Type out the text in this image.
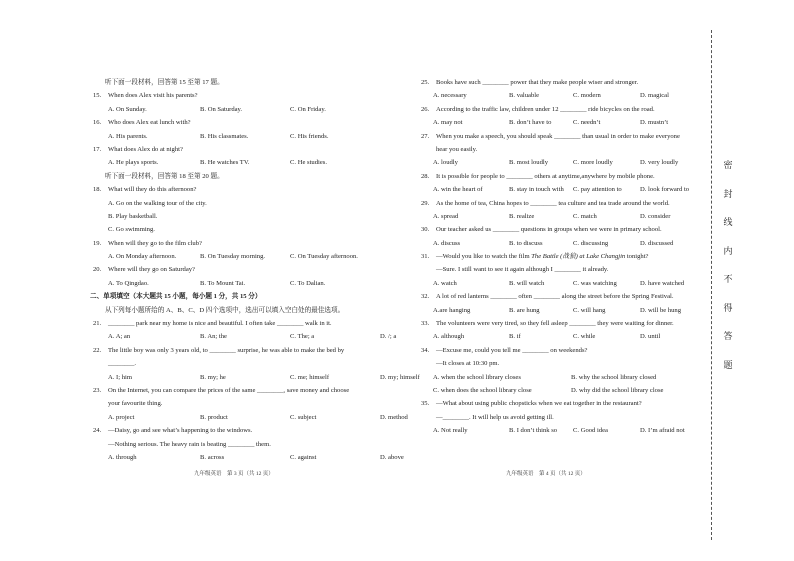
听下面一段材料，回答第 15 至第 17 题。
15. When does Alex visit his parents?
A. On Sunday.	B. On Saturday.	C. On Friday.
16. Who does Alex eat lunch with?
A. His parents.	B. His classmates.	C. His friends.
17. What does Alex do at night?
A. He plays sports.	B. He watches TV.	C. He studies.
听下面一段材料，回答第 18 至第 20 题。
18. What will they do this afternoon?
A. Go on the walking tour of the city.
B. Play basketball.
C. Go swimming.
19. When will they go to the film club?
A. On Monday afternoon.	B. On Tuesday morning.	C. On Tuesday afternoon.
20. Where will they go on Saturday?
A. To Qingdao.	B. To Mount Tai.	C. To Dalian.
二、单项填空（本大题共 15 小题，每小题 1 分，共 15 分）
从下列每小题所给的 A、B、C、D 四个选项中，选出可以填入空白处的最佳选项。
21. ________ park near my home is nice and beautiful. I often take ________ walk in it.
A. A; an	B. An; the	C. The; a	D. /; a
22. The little boy was only 3 years old, to ________ surprise, he was able to make the bed by
________.
A. I; him	B. my; he	C. me; himself	D. my; himself
23. On the Internet, you can compare the prices of the same ________, save money and choose
your favourite thing.
A. project	B. product	C. subject	D. method
24. —Daisy, go and see what’s happening to the windows.
—Nothing serious. The heavy rain is beating ________ them.
A. through	B. across	C. against	D. above
25. Books have such ________ power that they make people wiser and stronger.
A. necessary	B. valuable	C. modern	D. magical
26. According to the traffic law, children under 12 ________ ride bicycles on the road.
A. may not	B. don’t have to	C. needn’t	D. mustn’t
27. When you make a speech, you should speak ________ than usual in order to make everyone
hear you easily.
A. loudly	B. most loudly	C. more loudly	D. very loudly
28. It is possible for people to ________ others at anytime,anywhere by mobile phone.
A. win the heart of	B. stay in touch with C. pay attention to	D. look forward to
29. As the home of tea, China hopes to ________ tea culture and tea trade around the world.
A. spread	B. realize	C. match	D. consider
30. Our teacher asked us ________ questions in groups when we were in primary school.
A. discuss	B. to discuss	C. discussing	D. discussed
31. —Would you like to watch the film The Battle (战狼) at Lake Changjin tonight?
—Sure. I still want to see it again although I ________ it already.
A. watch	B. will watch	C. was watching	D. have watched
32. A lot of red lanterns ________ often ________ along the street before the Spring Festival.
A.are hanging	B. are hung	C. will hang	D. will be hung
33. The volunteers were very tired, so they fell asleep ________ they were waiting for dinner.
A. although	B. if	C. while	D. until
34. —Excuse me, could you tell me ________ on weekends?
—It closes at 10:30 pm.
A. when the school library closes	B. why the school library closed
C. when does the school library close	D. why did the school library close
35. —What about using public chopsticks when we eat together in the restaurant?
—________. It will help us avoid getting ill.
A. Not really	B. I don’t think so C. Good idea	D. I’m afraid not
九年级英语　第 3 页（共 12 页）	九年级英语　第 4 页（共 12 页）
密
封
线
内
不
得
答
题
